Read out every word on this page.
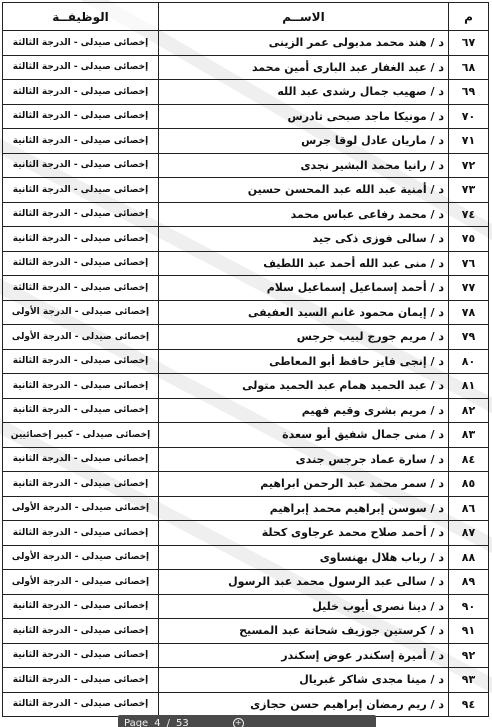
م	الاســم	الوظيفــة
٦٧	د / هند محمد مدبولى عمر الزينى	إخصائى صيدلى - الدرجة الثالثة
٦٨	د / عبد الغفار عبد البارى أمين محمد	إخصائى صيدلى - الدرجة الثالثة
٦٩	د / صهيب جمال رشدى عبد الله	إخصائى صيدلى - الدرجة الثالثة
٧٠	د / مونيكا ماجد صبحى تادرس	إخصائى صيدلى - الدرجة الثالثة
٧١	د / ماريان عادل لوقا جرس	إخصائى صيدلى - الدرجة الثانية
٧٢	د / رانيا محمد البشير نجدى	إخصائى صيدلى - الدرجة الثانية
٧٣	د / أمنية عبد الله عبد المحسن حسين	إخصائى صيدلى - الدرجة الثانية
٧٤	د / محمد رفاعى عباس محمد	إخصائى صيدلى - الدرجة الثالثة
٧٥	د / سالى فوزى ذكى جيد	إخصائى صيدلى - الدرجة الثانية
٧٦	د / منى عبد الله أحمد عبد اللطيف	إخصائى صيدلى - الدرجة الثالثة
٧٧	د / أحمد إسماعيل إسماعيل سلام	إخصائى صيدلى - الدرجة الثالثة
٧٨	د / إيمان محمود غانم السيد العفيفى	إخصائى صيدلى - الدرجة الأولى
٧٩	د / مريم جورج لبيب جرجس	إخصائى صيدلى - الدرجة الأولى
٨٠	د / إنجى فايز حافظ أبو المعاطى	إخصائى صيدلى - الدرجة الثالثة
٨١	د / عبد الحميد همام عبد الحميد متولى	إخصائى صيدلى - الدرجة الثانية
٨٢	د / مريم بشرى وقيم فهيم	إخصائى صيدلى - الدرجة الثانية
٨٣	د / منى جمال شفيق أبو سعدة	إخصائى صيدلى - كبير إخصائيين
٨٤	د / سارة عماد جرجس جندى	إخصائى صيدلى - الدرجة الثانية
٨٥	د / سمر محمد عبد الرحمن ابراهيم	إخصائى صيدلى - الدرجة الثانية
٨٦	د / سوسن إبراهيم محمد إبراهيم	إخصائى صيدلى - الدرجة الأولى
٨٧	د / أحمد صلاح محمد عرجاوى كحلة	إخصائى صيدلى - الدرجة الثالثة
٨٨	د / رباب هلال بهنساوى	إخصائى صيدلى - الدرجة الأولى
٨٩	د / سالى عبد الرسول محمد عبد الرسول	إخصائى صيدلى - الدرجة الأولى
٩٠	د / دينا نصرى أيوب خليل	إخصائى صيدلى - الدرجة الثانية
٩١	د / كرستين جوزيف شحاتة عبد المسيح	إخصائى صيدلى - الدرجة الثانية
٩٢	د / أميرة إسكندر عوض إسكندر	إخصائى صيدلى - الدرجة الثانية
٩٣	د / مينا مجدى شاكر غبريال	إخصائى صيدلى - الدرجة الثالثة
٩٤	د / ريم رمضان إبراهيم حسن حجازى	إخصائى صيدلى - الدرجة الثالثة
Page 4 / 53	+
